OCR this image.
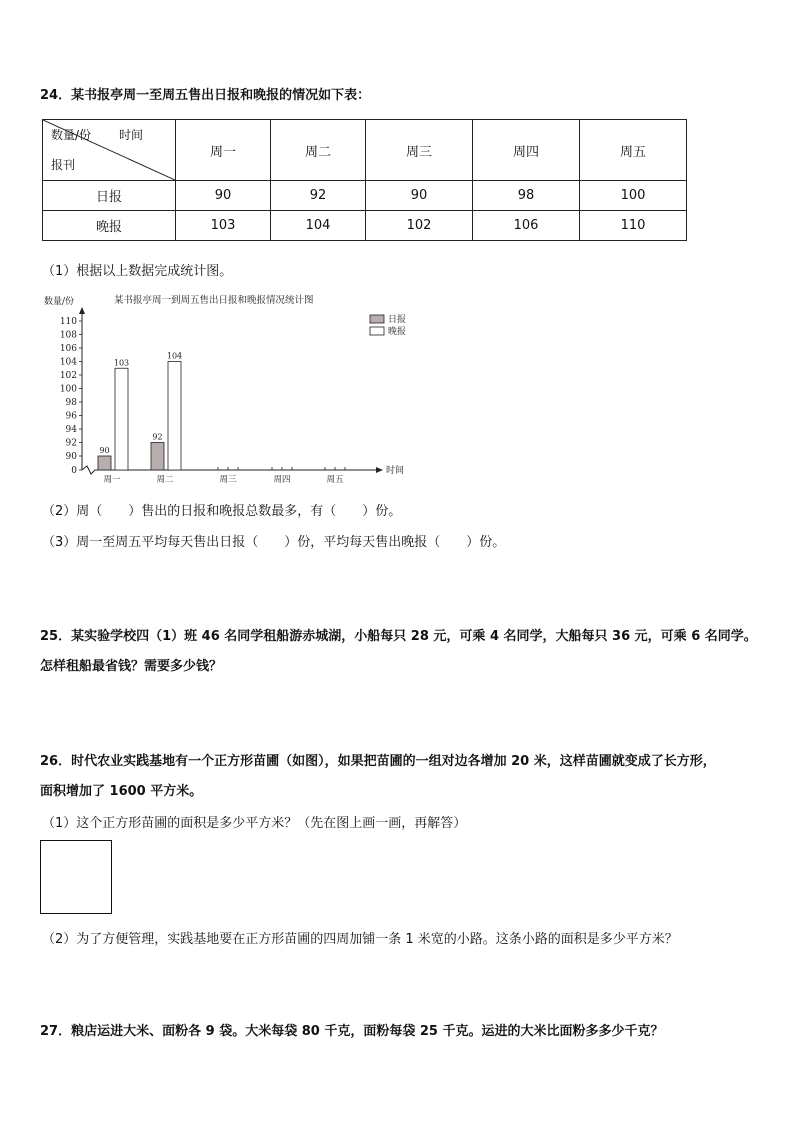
24．某书报亭周一至周五售出日报和晚报的情况如下表：
数量/份 时间
报刊	周一	周二	周三	周四	周五
日报	90	92	90	98	100
晚报	103	104	102	106	110
（1）根据以上数据完成统计图。
某书报亭周一到周五售出日报和晚报情况统计图
数量/份
0
90
92
94
96
98
100
102
104
106
108
110
时间
周一
90
103
周二
92
104
周三	周四	周五
日报
晚报
（2）周（　　）售出的日报和晚报总数最多，有（　　）份。
（3）周一至周五平均每天售出日报（　　）份，平均每天售出晚报（　　）份。
25．某实验学校四（1）班 46 名同学租船游赤城湖，小船每只 28 元，可乘 4 名同学，大船每只 36 元，可乘 6 名同学。
怎样租船最省钱？需要多少钱？
26．时代农业实践基地有一个正方形苗圃（如图），如果把苗圃的一组对边各增加 20 米，这样苗圃就变成了长方形，
面积增加了 1600 平方米。
（1）这个正方形苗圃的面积是多少平方米？（先在图上画一画，再解答）
（2）为了方便管理，实践基地要在正方形苗圃的四周加铺一条 1 米宽的小路。这条小路的面积是多少平方米？
27．粮店运进大米、面粉各 9 袋。大米每袋 80 千克，面粉每袋 25 千克。运进的大米比面粉多多少千克？
